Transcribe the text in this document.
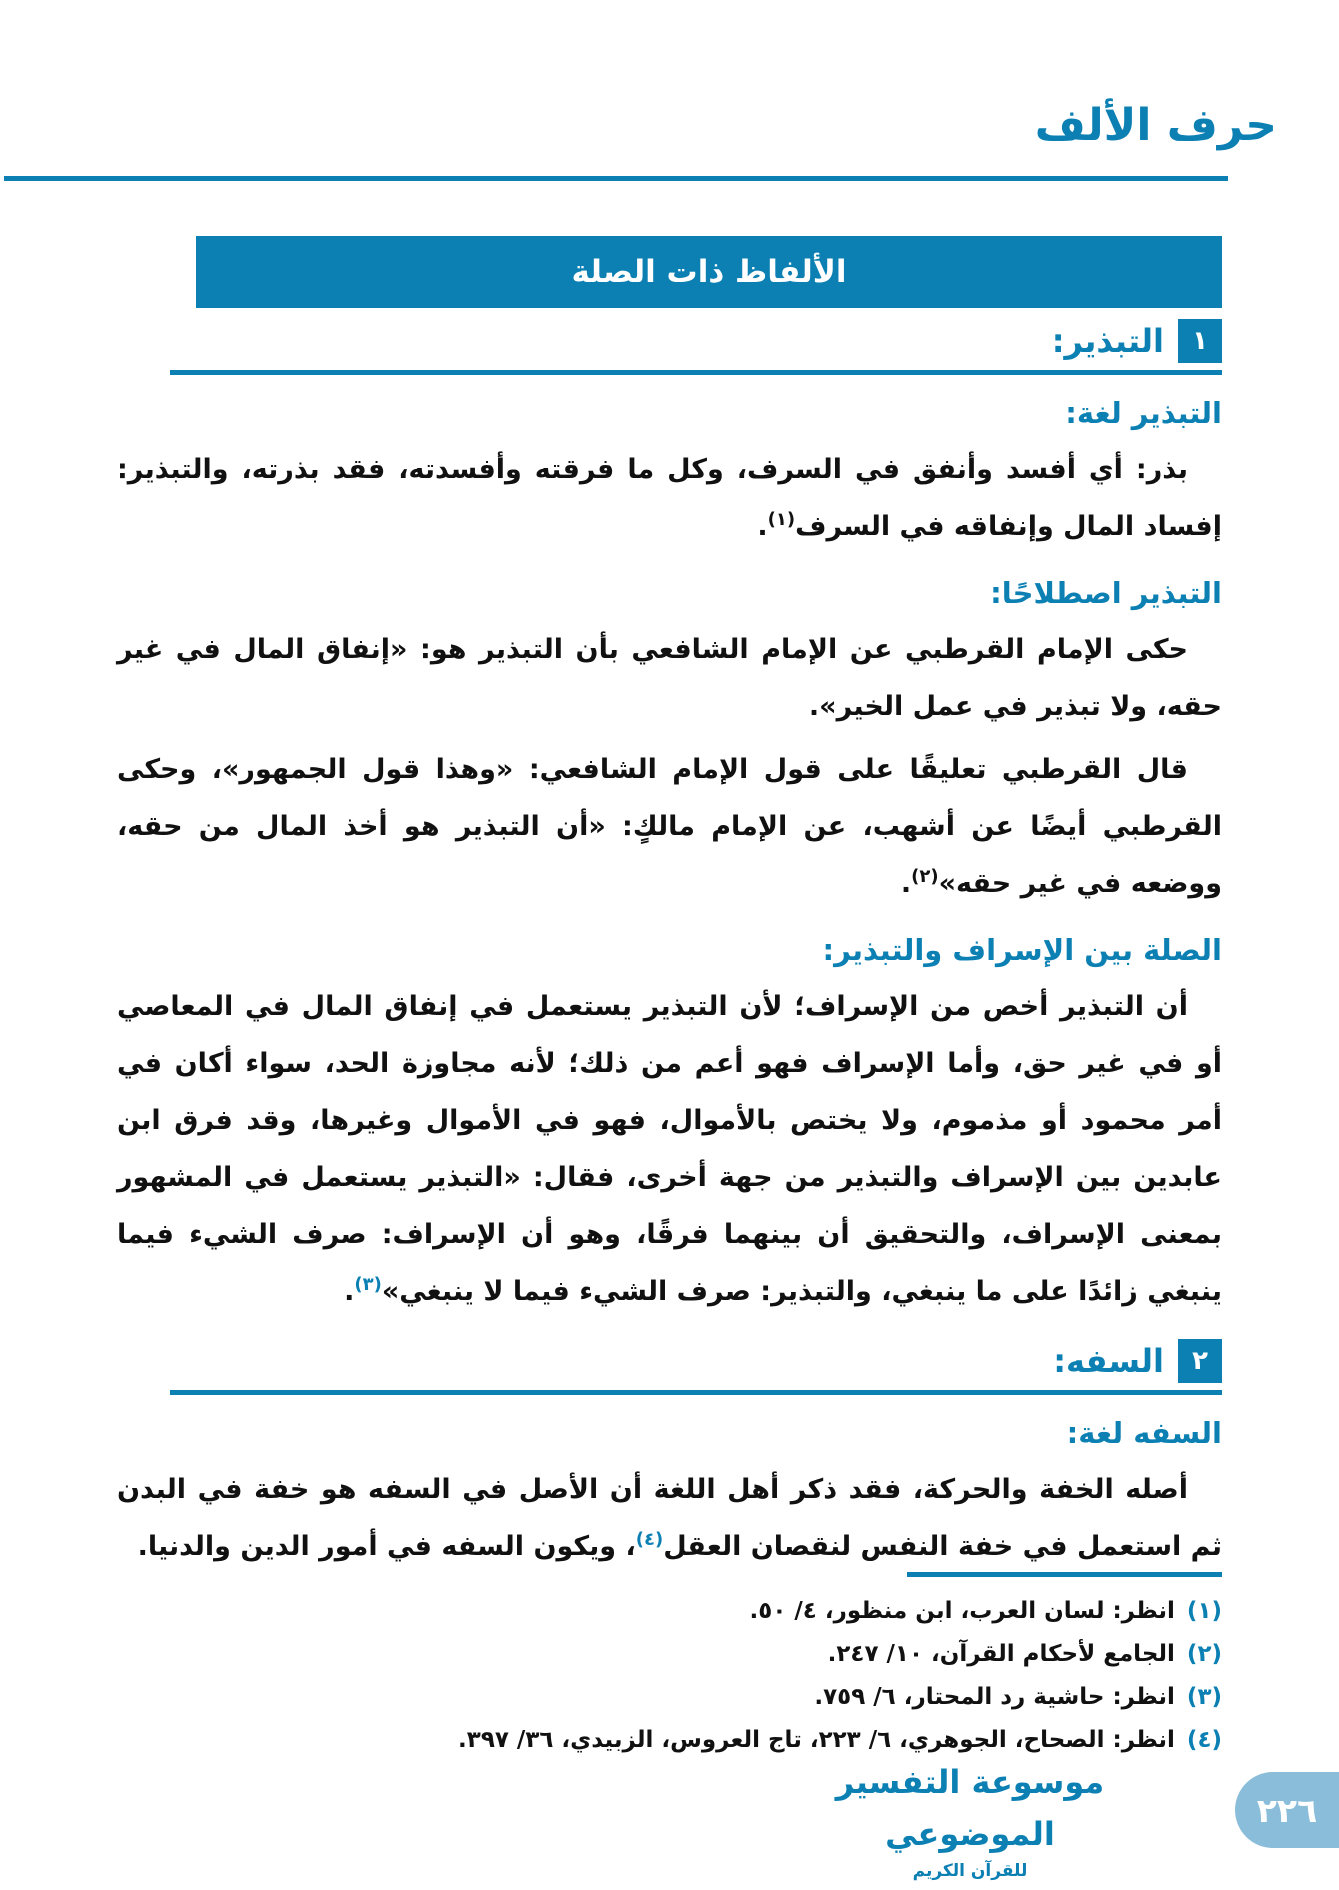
حرف الألف
الألفاظ ذات الصلة
١
التبذير:
التبذير لغة:

بذر: أي أفسد وأنفق في السرف، وكل ما فرقته وأفسدته، فقد بذرته، والتبذير: إفساد المال وإنفاقه في السرف$^{(١)}$.

التبذير اصطلاحًا:

حكى الإمام القرطبي عن الإمام الشافعي بأن التبذير هو: «إنفاق المال في غير حقه، ولا تبذير في عمل الخير».

قال القرطبي تعليقًا على قول الإمام الشافعي: «وهذا قول الجمهور»، وحكى القرطبي أيضًا عن أشهب، عن الإمام مالكٍ: «أن التبذير هو أخذ المال من حقه، ووضعه في غير حقه»$^{(٢)}$.

الصلة بين الإسراف والتبذير:

أن التبذير أخص من الإسراف؛ لأن التبذير يستعمل في إنفاق المال في المعاصي أو في غير حق، وأما الإسراف فهو أعم من ذلك؛ لأنه مجاوزة الحد، سواء أكان في أمر محمود أو مذموم، ولا يختص بالأموال، فهو في الأموال وغيرها، وقد فرق ابن عابدين بين الإسراف والتبذير من جهة أخرى، فقال: «التبذير يستعمل في المشهور بمعنى الإسراف، والتحقيق أن بينهما فرقًا، وهو أن الإسراف: صرف الشيء فيما ينبغي زائدًا على ما ينبغي، والتبذير: صرف الشيء فيما لا ينبغي»$^{(٣)}$.

٢
السفه:
السفه لغة:

أصله الخفة والحركة، فقد ذكر أهل اللغة أن الأصل في السفه هو خفة في البدن ثم استعمل في خفة النفس لنقصان العقل$^{(٤)}$، ويكون السفه في أمور الدين والدنيا.

(١)انظر: لسان العرب، ابن منظور، ٤/ ٥٠.
(٢)الجامع لأحكام القرآن، ١٠/ ٢٤٧.
(٣)انظر: حاشية رد المحتار، ٦/ ٧٥٩.
(٤)انظر: الصحاح، الجوهري، ٦/ ٢٢٣، تاج العروس، الزبيدي، ٣٦/ ٣٩٧.
موسوعة التفسير الموضوعي
للقرآن الكريم
٢٢٦
